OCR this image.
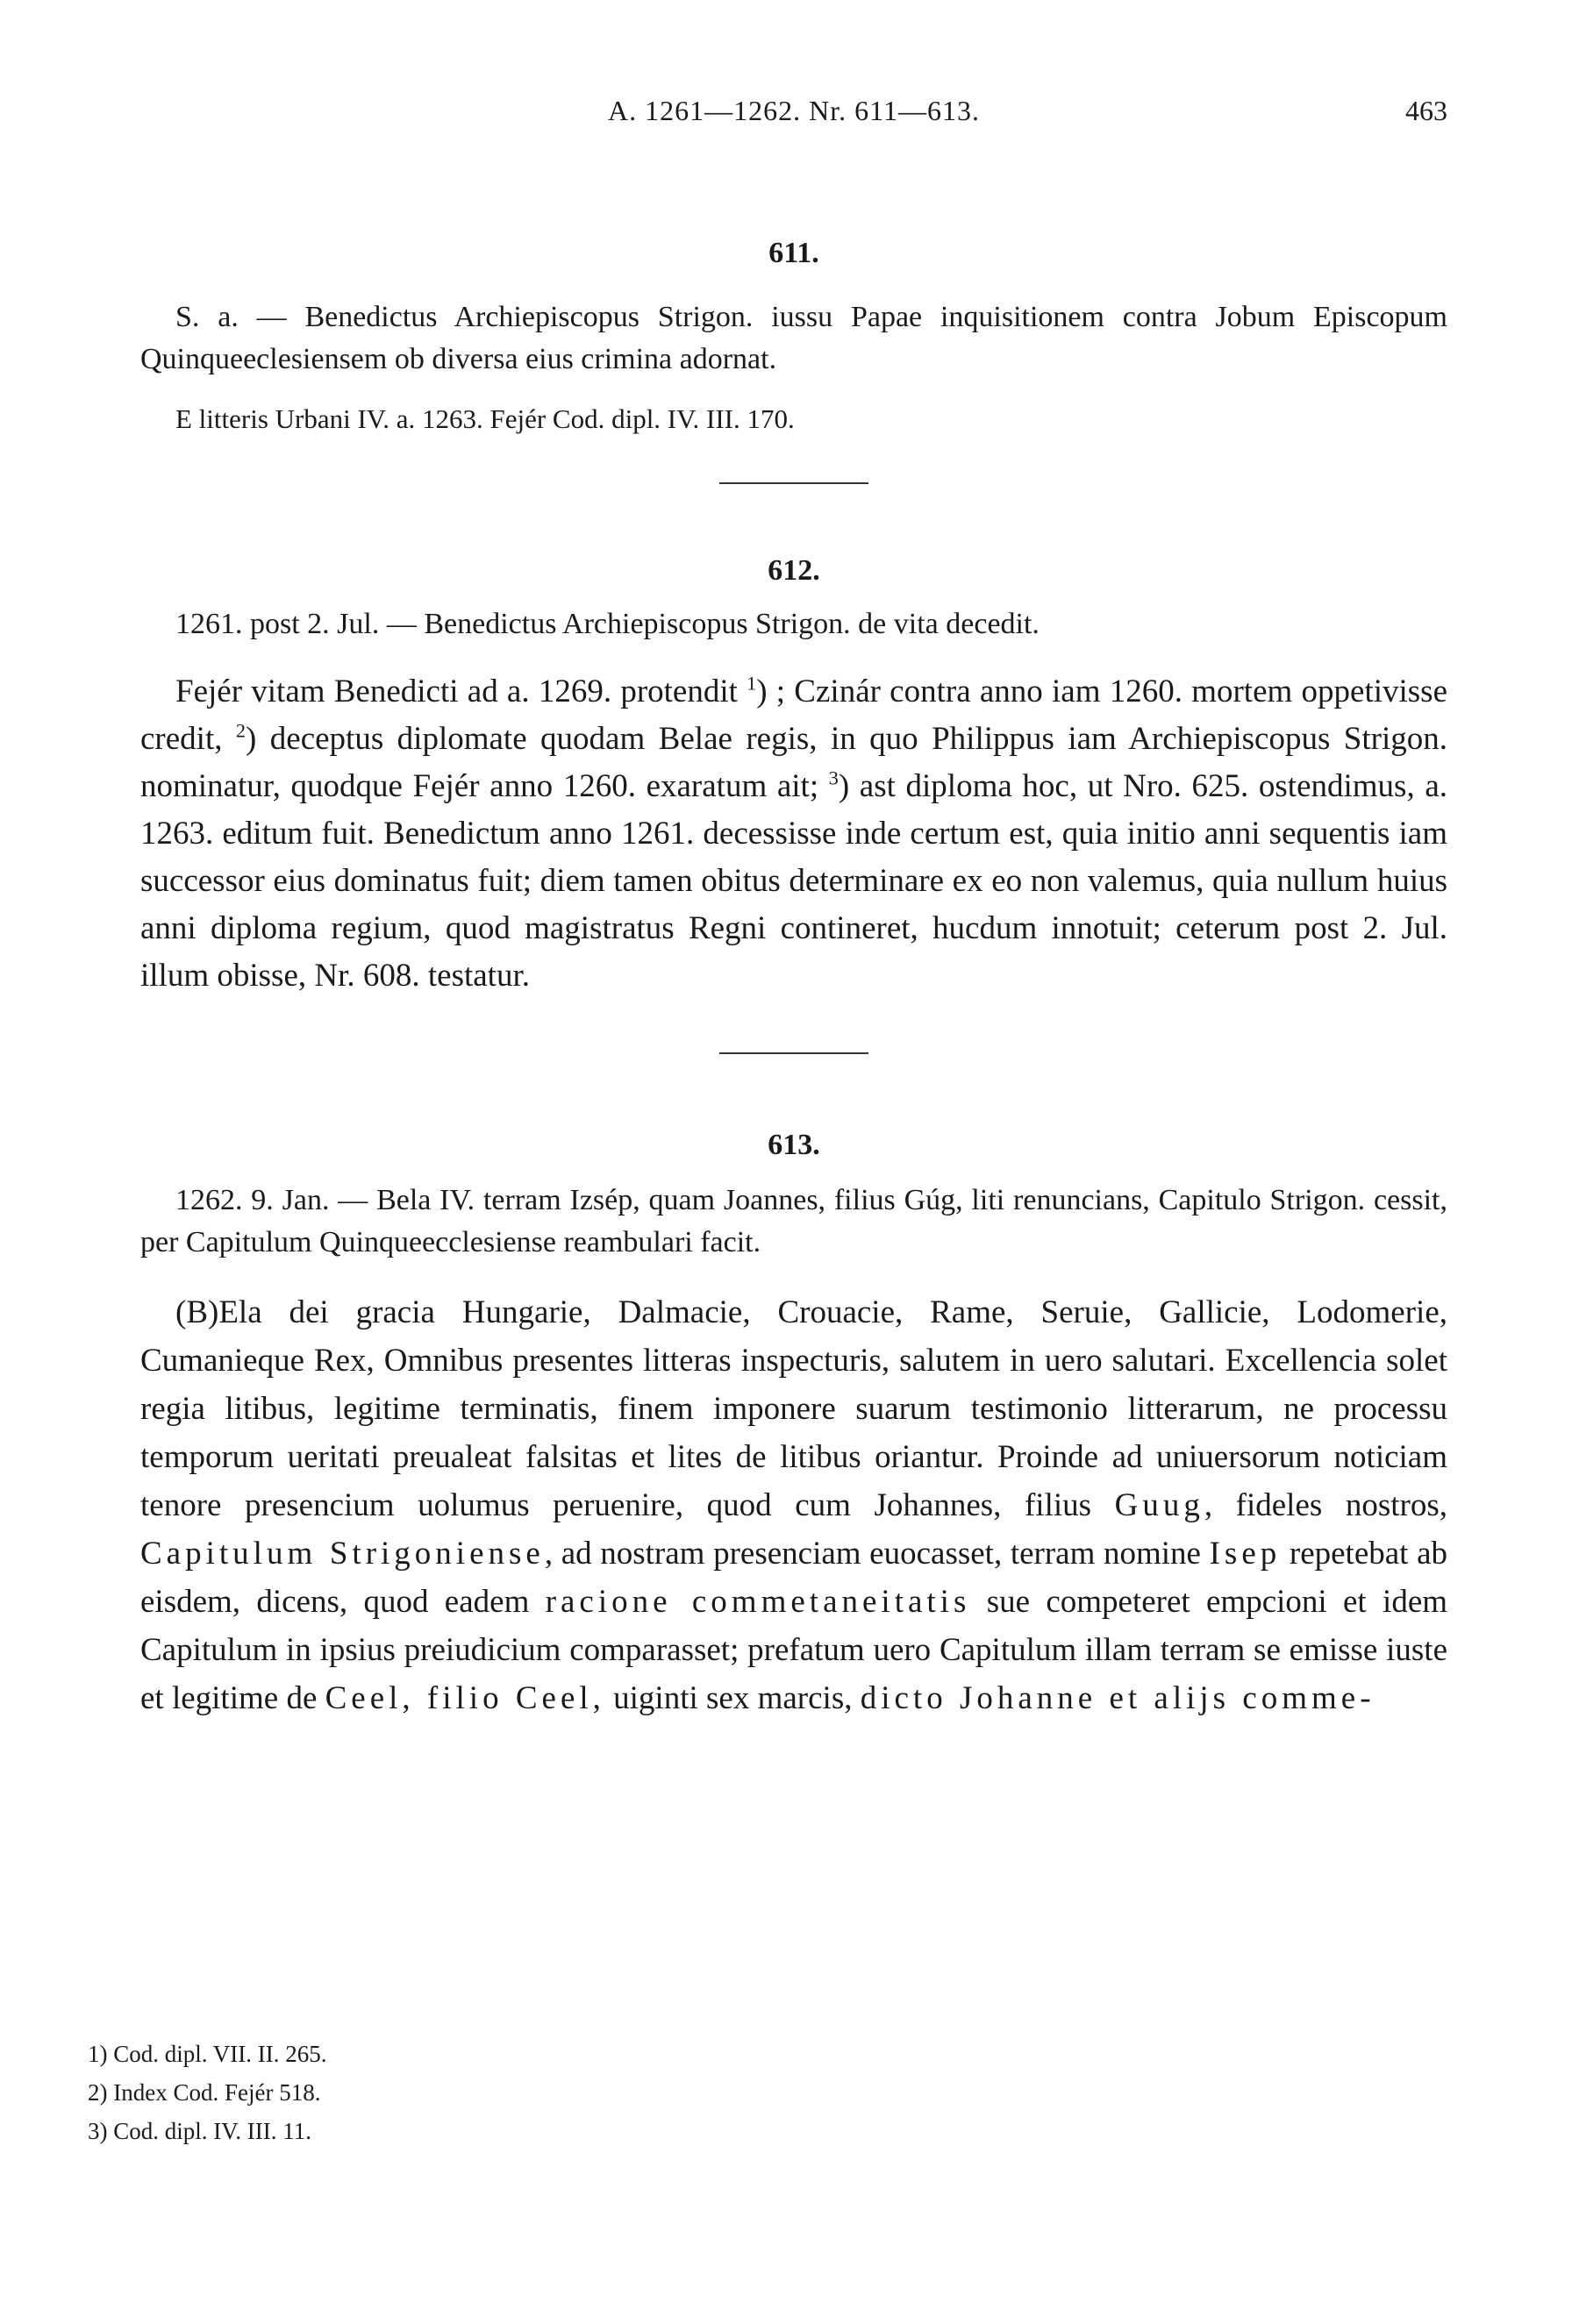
A. 1261—1262. Nr. 611—613.	463

611.

S. a. — Benedictus Archiepiscopus Strigon. iussu Papae inquisitionem contra Jobum Episcopum Quinqueeclesiensem ob diversa eius crimina adornat.

E litteris Urbani IV. a. 1263. Fejér Cod. dipl. IV. III. 170.

612.

1261. post 2. Jul. — Benedictus Archiepiscopus Strigon. de vita decedit.

Fejér vitam Benedicti ad a. 1269. protendit $^1$) ; Czinár contra anno iam 1260. mortem oppetivisse credit, $^2$) deceptus diplomate quodam Belae regis, in quo Philippus iam Archiepiscopus Strigon. nominatur, quodque Fejér anno 1260. exaratum ait; $^3$) ast diploma hoc, ut Nro. 625. ostendimus, a. 1263. editum fuit. Benedictum anno 1261. decessisse inde certum est, quia initio anni sequentis iam successor eius dominatus fuit; diem tamen obitus determinare ex eo non valemus, quia nullum huius anni diploma regium, quod magistratus Regni contineret, hucdum innotuit; ceterum post 2. Jul. illum obisse, Nr. 608. testatur.

613.

1262. 9. Jan. — Bela IV. terram Izsép, quam Joannes, filius Gúg, liti renuncians, Capitulo Strigon. cessit, per Capitulum Quinqueecclesiense reambulari facit.

(B)Ela dei gracia Hungarie, Dalmacie, Crouacie, Rame, Seruie, Gallicie, Lodomerie, Cumanieque Rex, Omnibus presentes litteras inspecturis, salutem in uero salutari. Excellencia solet regia litibus, legitime terminatis, finem imponere suarum testimonio litterarum, ne processu temporum ueritati preualeat falsitas et lites de litibus oriantur. Proinde ad uniuersorum noticiam tenore presencium uolumus peruenire, quod cum Johannes, filius Guug, fideles nostros, Capitulum Strigoniense, ad nostram presenciam euocasset, terram nomine Isep repetebat ab eisdem, dicens, quod eadem racione commetaneitatis sue competeret empcioni et idem Capitulum in ipsius preiudicium comparasset; prefatum uero Capitulum illam terram se emisse iuste et legitime de Ceel, filio Ceel, uiginti sex marcis, dicto Johanne et alijs comme-

1) Cod. dipl. VII. II. 265.
2) Index Cod. Fejér 518.
3) Cod. dipl. IV. III. 11.
